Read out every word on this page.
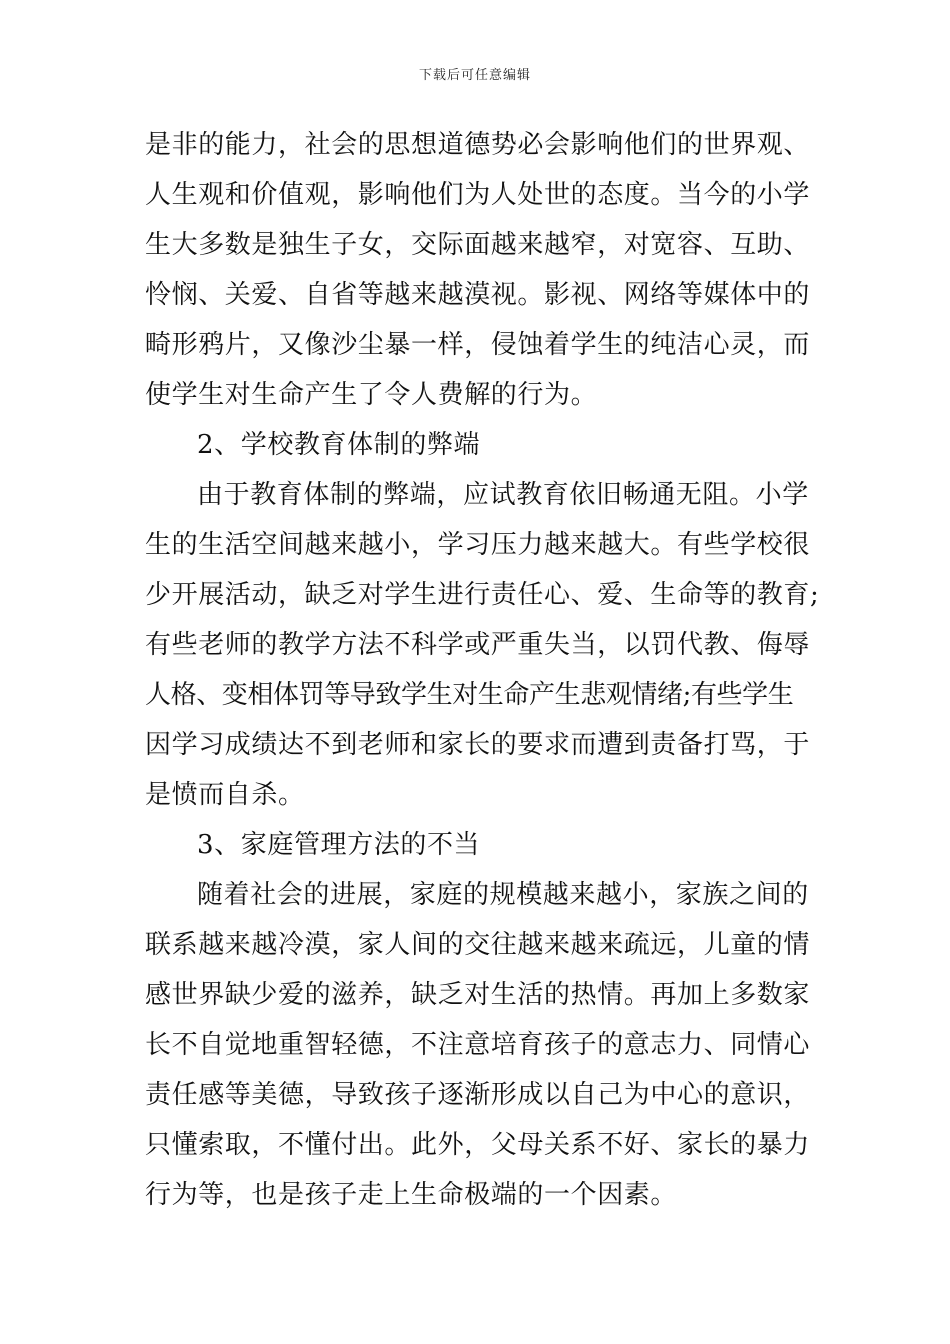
下载后可任意编辑
是非的能力，社会的思想道德势必会影响他们的世界观、
人生观和价值观，影响他们为人处世的态度。当今的小学
生大多数是独生子女，交际面越来越窄，对宽容、互助、
怜悯、关爱、自省等越来越漠视。影视、网络等媒体中的
畸形鸦片，又像沙尘暴一样，侵蚀着学生的纯洁心灵，而
使学生对生命产生了令人费解的行为。
2、学校教育体制的弊端
由于教育体制的弊端，应试教育依旧畅通无阻。小学
生的生活空间越来越小，学习压力越来越大。有些学校很
少开展活动，缺乏对学生进行责任心、爱、生命等的教育;
有些老师的教学方法不科学或严重失当，以罚代教、侮辱
人格、变相体罚等导致学生对生命产生悲观情绪;有些学生
因学习成绩达不到老师和家长的要求而遭到责备打骂，于
是愤而自杀。
3、家庭管理方法的不当
随着社会的进展，家庭的规模越来越小，家族之间的
联系越来越冷漠，家人间的交往越来越来疏远，儿童的情
感世界缺少爱的滋养，缺乏对生活的热情。再加上多数家
长不自觉地重智轻德，不注意培育孩子的意志力、同情心
责任感等美德，导致孩子逐渐形成以自己为中心的意识，
只懂索取，不懂付出。此外，父母关系不好、家长的暴力
行为等，也是孩子走上生命极端的一个因素。
